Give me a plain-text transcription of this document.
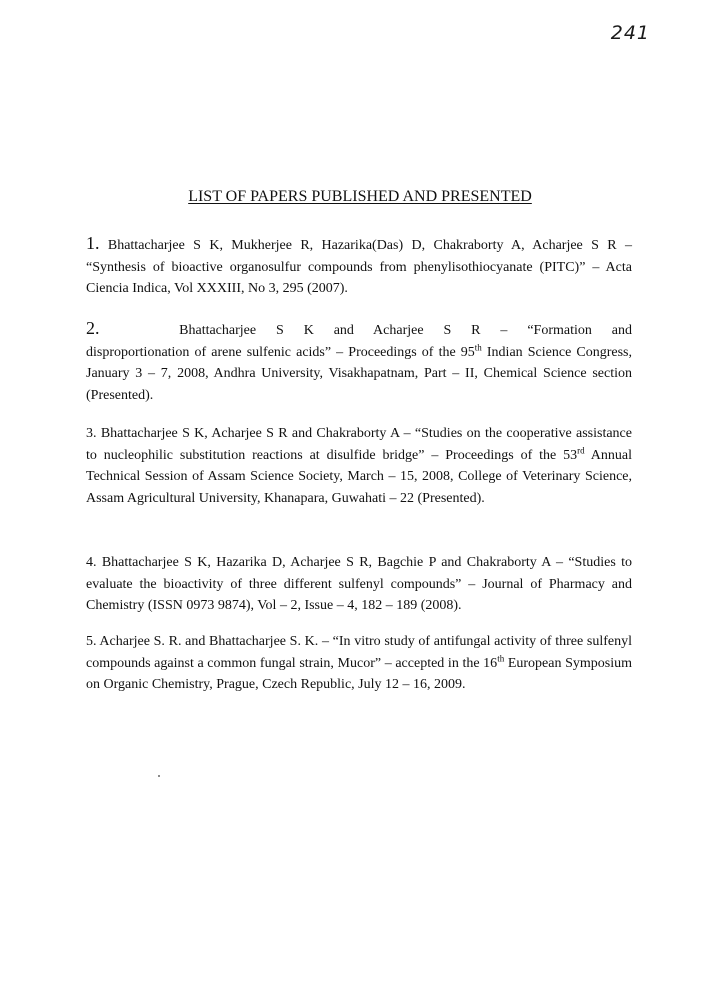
241
LIST OF PAPERS PUBLISHED AND PRESENTED

1. Bhattacharjee S K, Mukherjee R, Hazarika(Das) D, Chakraborty A, Acharjee S R – “Synthesis of bioactive organosulfur compounds from phenylisothiocyanate (PITC)” – Acta Ciencia Indica, Vol XXXIII, No 3, 295 (2007).

2.	Bhattacharjee S K and Acharjee S R – “Formation and
disproportionation of arene sulfenic acids” – Proceedings of the 95th Indian Science Congress, January 3 – 7, 2008, Andhra University, Visakhapatnam, Part – II, Chemical Science section (Presented).

3. Bhattacharjee S K, Acharjee S R and Chakraborty A – “Studies on the cooperative assistance to nucleophilic substitution reactions at disulfide bridge” – Proceedings of the 53rd Annual Technical Session of Assam Science Society, March – 15, 2008, College of Veterinary Science, Assam Agricultural University, Khanapara, Guwahati – 22 (Presented).

4. Bhattacharjee S K, Hazarika D, Acharjee S R, Bagchie P and Chakraborty A – “Studies to evaluate the bioactivity of three different sulfenyl compounds” – Journal of Pharmacy and Chemistry (ISSN 0973 9874), Vol – 2, Issue – 4, 182 – 189 (2008).

5. Acharjee S. R. and Bhattacharjee S. K. – “In vitro study of antifungal activity of three sulfenyl compounds against a common fungal strain, Mucor” – accepted in the 16th European Symposium on Organic Chemistry, Prague, Czech Republic, July 12 – 16, 2009.
